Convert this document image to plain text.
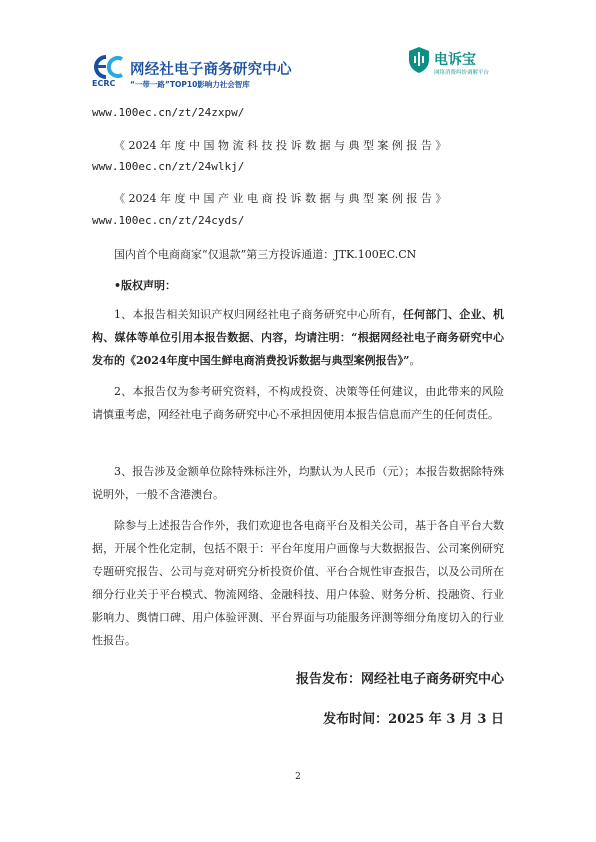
网经社电子商务研究中心
ECRC “一带一路”TOP10影响力社会智库
电诉宝
网络消费纠纷调解平台
www.100ec.cn/zt/24zxpw/
《 2024 年 度 中 国 物 流 科 技 投 诉 数 据 与 典 型 案 例 报 告 》
www.100ec.cn/zt/24wlkj/
《 2024 年 度 中 国 产 业 电 商 投 诉 数 据 与 典 型 案 例 报 告 》
www.100ec.cn/zt/24cyds/
国内首个电商商家“仅退款”第三方投诉通道：JTK.100EC.CN
•版权声明：
1、本报告相关知识产权归网经社电子商务研究中心所有，任何部门、企业、机构、媒体等单位引用本报告数据、内容，均请注明：“根据网经社电子商务研究中心发布的《2024年度中国生鲜电商消费投诉数据与典型案例报告》”。
2、本报告仅为参考研究资料，不构成投资、决策等任何建议，由此带来的风险请慎重考虑，网经社电子商务研究中心不承担因使用本报告信息而产生的任何责任。
3、报告涉及金额单位除特殊标注外，均默认为人民币（元）；本报告数据除特殊说明外，一般不含港澳台。
除参与上述报告合作外，我们欢迎也各电商平台及相关公司，基于各自平台大数据，开展个性化定制，包括不限于：平台年度用户画像与大数据报告、公司案例研究专题研究报告、公司与竞对研究分析投资价值、平台合规性审查报告，以及公司所在细分行业关于平台模式、物流网络、金融科技、用户体验、财务分析、投融资、行业影响力、舆情口碑、用户体验评测、平台界面与功能服务评测等细分角度切入的行业性报告。
报告发布：网经社电子商务研究中心
发布时间：2025 年 3 月 3 日
2
